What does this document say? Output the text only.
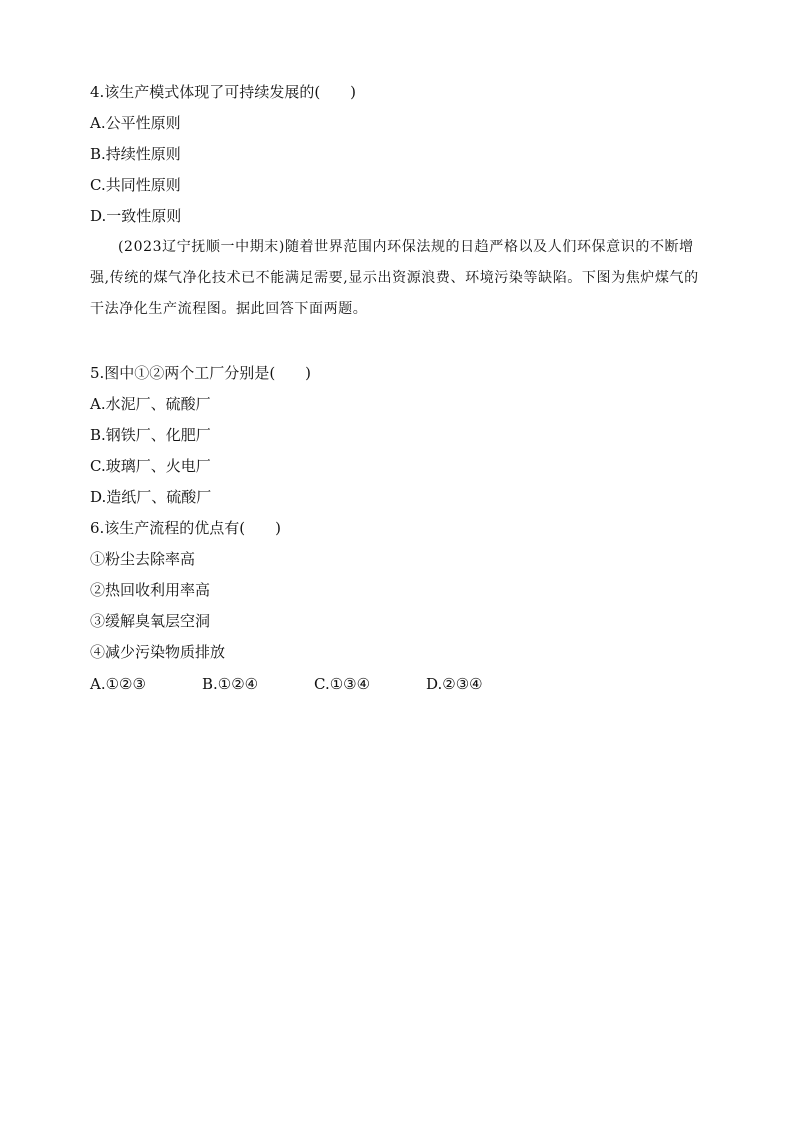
4.该生产模式体现了可持续发展的(　　)
A.公平性原则
B.持续性原则
C.共同性原则
D.一致性原则
(2023辽宁抚顺一中期末)随着世界范围内环保法规的日趋严格以及人们环保意识的不断增强,传统的煤气净化技术已不能满足需要,显示出资源浪费、环境污染等缺陷。下图为焦炉煤气的干法净化生产流程图。据此回答下面两题。
5.图中①②两个工厂分别是(　　)
A.水泥厂、硫酸厂
B.钢铁厂、化肥厂
C.玻璃厂、火电厂
D.造纸厂、硫酸厂
6.该生产流程的优点有(　　)
①粉尘去除率高
②热回收利用率高
③缓解臭氧层空洞
④减少污染物质排放
A.①②③	B.①②④	C.①③④	D.②③④
